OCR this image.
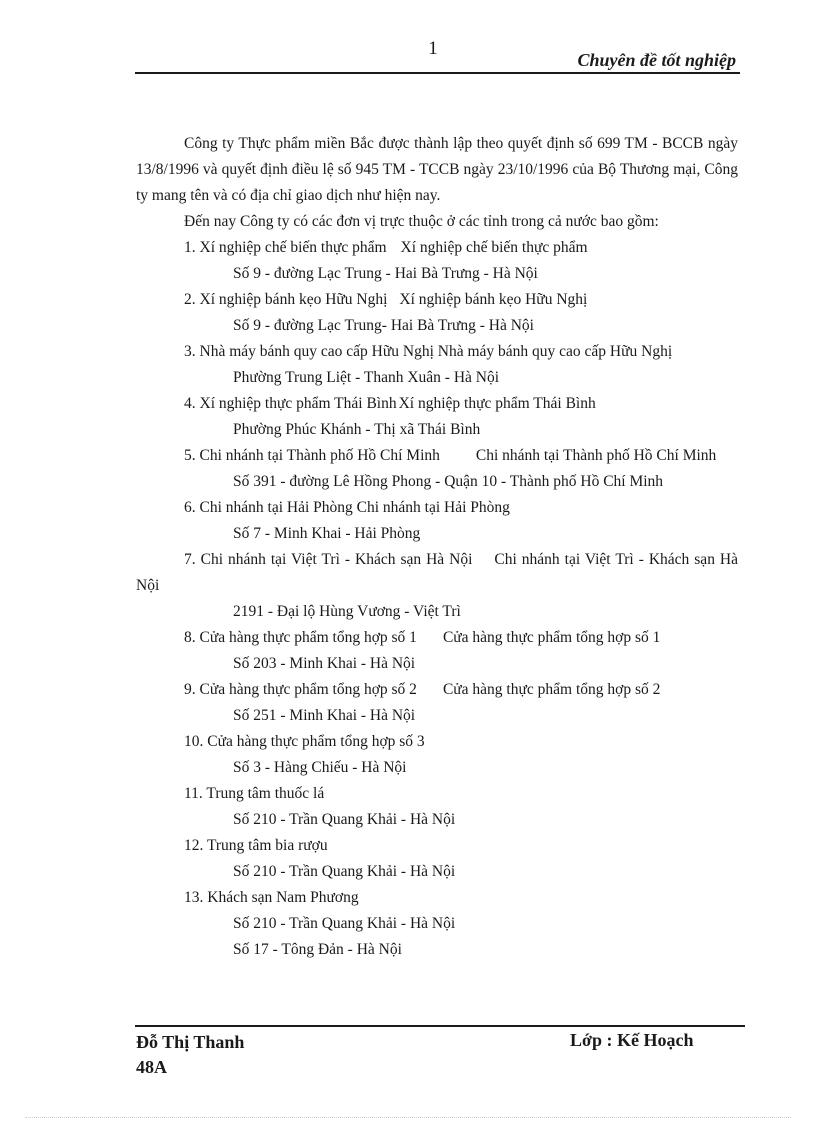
1
Chuyên đề tốt nghiệp

Công ty Thực phẩm miền Bắc được thành lập theo quyết định số 699 TM - BCCB ngày 13/8/1996 và quyết định điều lệ số 945 TM - TCCB ngày 23/10/1996 của Bộ Thương mại, Công ty mang tên và có địa chỉ giao dịch như hiện nay.

Đến nay Công ty có các đơn vị trực thuộc ở các tỉnh trong cả nước bao gồm:

1. Xí nghiệp chế biến thực phẩm Xí nghiệp chế biến thực phẩm

Số 9 - đường Lạc Trung - Hai Bà Trưng - Hà Nội

2. Xí nghiệp bánh kẹo Hữu Nghị Xí nghiệp bánh kẹo Hữu Nghị

Số 9 - đường Lạc Trung- Hai Bà Trưng - Hà Nội

3. Nhà máy bánh quy cao cấp Hữu Nghị Nhà máy bánh quy cao cấp Hữu Nghị

Phường Trung Liệt - Thanh Xuân - Hà Nội

4. Xí nghiệp thực phẩm Thái Bình Xí nghiệp thực phẩm Thái Bình

Phường Phúc Khánh - Thị xã Thái Bình

5. Chi nhánh tại Thành phố Hồ Chí Minh Chi nhánh tại Thành phố Hồ Chí Minh

Số 391 - đường Lê Hồng Phong - Quận 10 - Thành phố Hồ Chí Minh

6. Chi nhánh tại Hải Phòng Chi nhánh tại Hải Phòng

Số 7 - Minh Khai - Hải Phòng

7. Chi nhánh tại Việt Trì - Khách sạn Hà Nội Chi nhánh tại Việt Trì - Khách sạn Hà Nội

2191 - Đại lộ Hùng Vương - Việt Trì

8. Cửa hàng thực phẩm tổng hợp số 1 Cửa hàng thực phẩm tổng hợp số 1

Số 203 - Minh Khai - Hà Nội

9. Cửa hàng thực phẩm tổng hợp số 2 Cửa hàng thực phẩm tổng hợp số 2

Số 251 - Minh Khai - Hà Nội

10. Cửa hàng thực phẩm tổng hợp số 3

Số 3 - Hàng Chiếu - Hà Nội

11. Trung tâm thuốc lá

Số 210 - Trần Quang Khải - Hà Nội

12. Trung tâm bia rượu

Số 210 - Trần Quang Khải - Hà Nội

13. Khách sạn Nam Phương

Số 210 - Trần Quang Khải - Hà Nội

Số 17 - Tông Đản - Hà Nội

Đỗ Thị Thanh
48A
Lớp : Kế Hoạch
